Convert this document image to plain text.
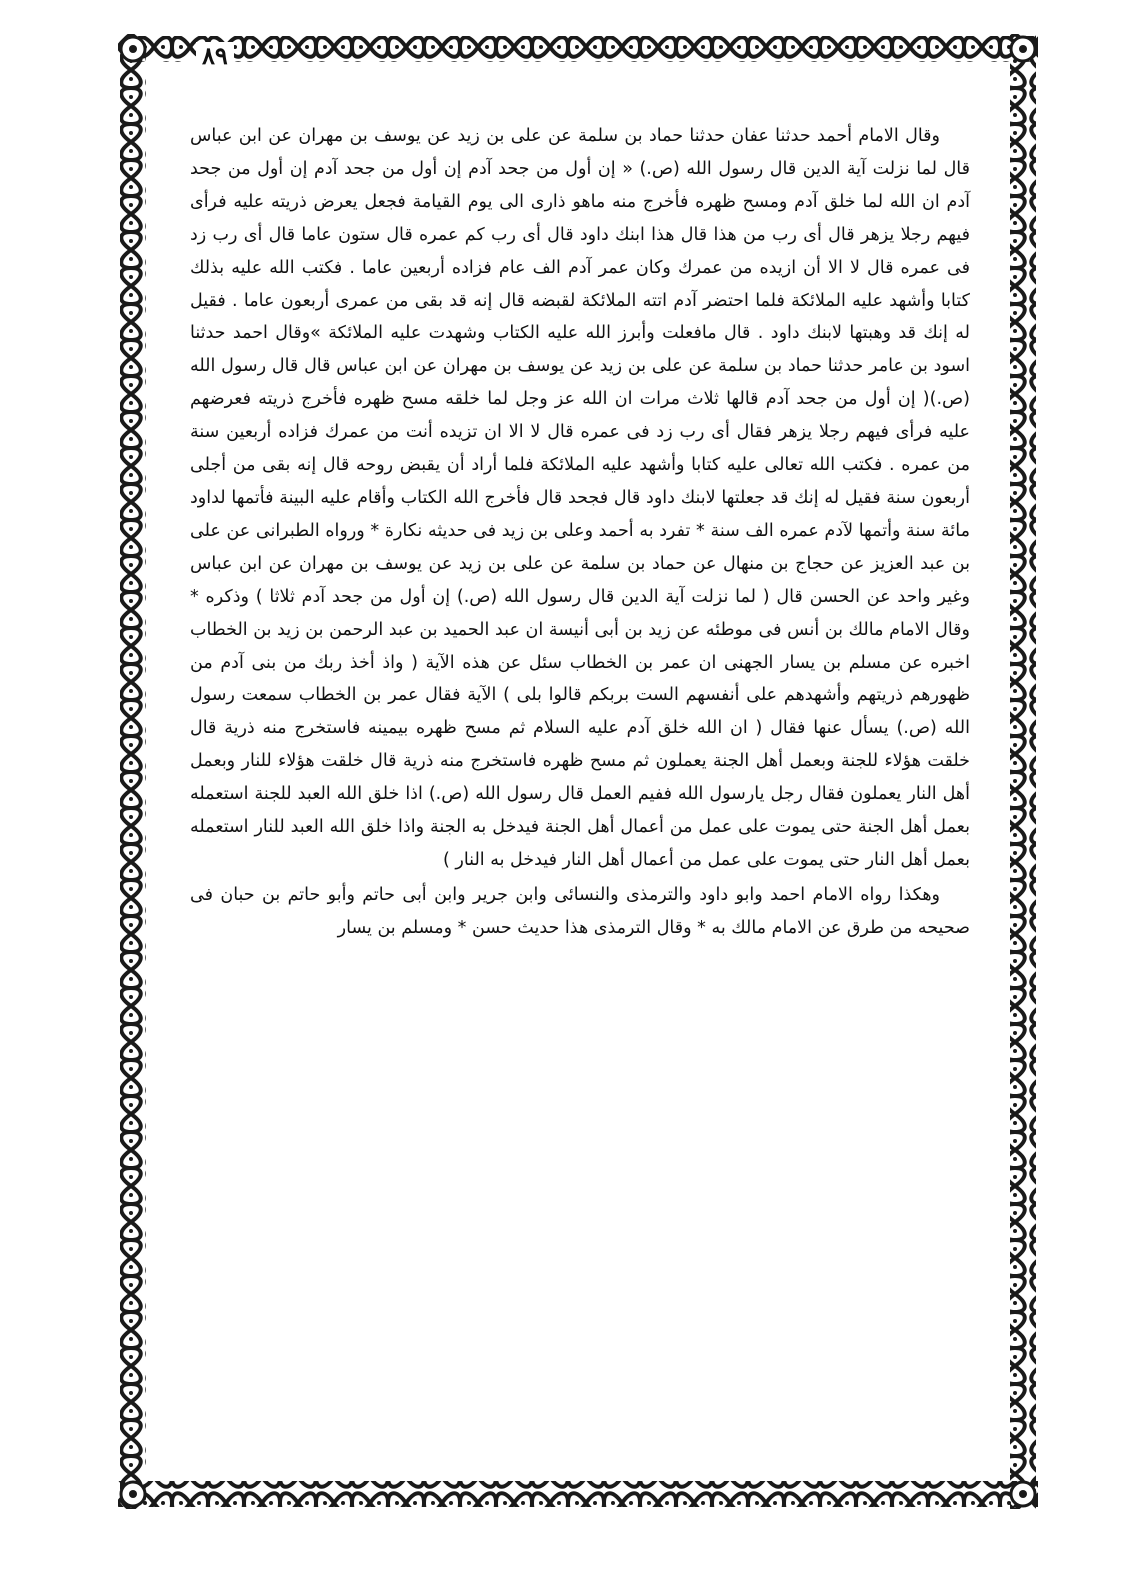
٨٩

وقال الامام أحمد حدثنا عفان حدثنا حماد بن سلمة عن على بن زيد عن يوسف بن مهران عن ابن عباس قال لما نزلت آية الدين قال رسول الله (ص.) « إن أول من جحد آدم إن أول من جحد آدم إن أول من جحد آدم ان الله لما خلق آدم ومسح ظهره فأخرج منه ماهو ذارى الى يوم القيامة فجعل يعرض ذريته عليه فرأى فيهم رجلا يزهر قال أى رب من هذا قال هذا ابنك داود قال أى رب كم عمره قال ستون عاما قال أى رب زد فى عمره قال لا الا أن ازيده من عمرك وكان عمر آدم الف عام فزاده أربعين عاما . فكتب الله عليه بذلك كتابا وأشهد عليه الملائكة فلما احتضر آدم اتته الملائكة لقبضه قال إنه قد بقى من عمرى أربعون عاما . فقيل له إنك قد وهبتها لابنك داود . قال مافعلت وأبرز الله عليه الكتاب وشهدت عليه الملائكة »وقال احمد حدثنا اسود بن عامر حدثنا حماد بن سلمة عن على بن زيد عن يوسف بن مهران عن ابن عباس قال قال رسول الله (ص.)( إن أول من جحد آدم قالها ثلاث مرات ان الله عز وجل لما خلقه مسح ظهره فأخرج ذريته فعرضهم عليه فرأى فيهم رجلا يزهر فقال أى رب زد فى عمره قال لا الا ان تزيده أنت من عمرك فزاده أربعين سنة من عمره . فكتب الله تعالى عليه كتابا وأشهد عليه الملائكة فلما أراد أن يقبض روحه قال إنه بقى من أجلى أربعون سنة فقيل له إنك قد جعلتها لابنك داود قال فجحد قال فأخرج الله الكتاب وأقام عليه البينة فأتمها لداود مائة سنة وأتمها لآدم عمره الف سنة * تفرد به أحمد وعلى بن زيد فى حديثه نكارة * ورواه الطبرانى عن على بن عبد العزيز عن حجاج بن منهال عن حماد بن سلمة عن على بن زيد عن يوسف بن مهران عن ابن عباس وغير واحد عن الحسن قال ( لما نزلت آية الدين قال رسول الله (ص.) إن أول من جحد آدم ثلاثا ) وذكره * وقال الامام مالك بن أنس فى موطئه عن زيد بن أبى أنيسة ان عبد الحميد بن عبد الرحمن بن زيد بن الخطاب اخبره عن مسلم بن يسار الجهنى ان عمر بن الخطاب سئل عن هذه الآية ( واذ أخذ ربك من بنى آدم من ظهورهم ذريتهم وأشهدهم على أنفسهم الست بربكم قالوا بلى ) الآية فقال عمر بن الخطاب سمعت رسول الله (ص.) يسأل عنها فقال ( ان الله خلق آدم عليه السلام ثم مسح ظهره بيمينه فاستخرج منه ذرية قال خلقت هؤلاء للجنة وبعمل أهل الجنة يعملون ثم مسح ظهره فاستخرج منه ذرية قال خلقت هؤلاء للنار وبعمل أهل النار يعملون فقال رجل يارسول الله ففيم العمل قال رسول الله (ص.) اذا خلق الله العبد للجنة استعمله بعمل أهل الجنة حتى يموت على عمل من أعمال أهل الجنة فيدخل به الجنة واذا خلق الله العبد للنار استعمله بعمل أهل النار حتى يموت على عمل من أعمال أهل النار فيدخل به النار )

وهكذا رواه الامام احمد وابو داود والترمذى والنسائى وابن جرير وابن أبى حاتم وأبو حاتم بن حبان فى صحيحه من طرق عن الامام مالك به * وقال الترمذى هذا حديث حسن * ومسلم بن يسار
